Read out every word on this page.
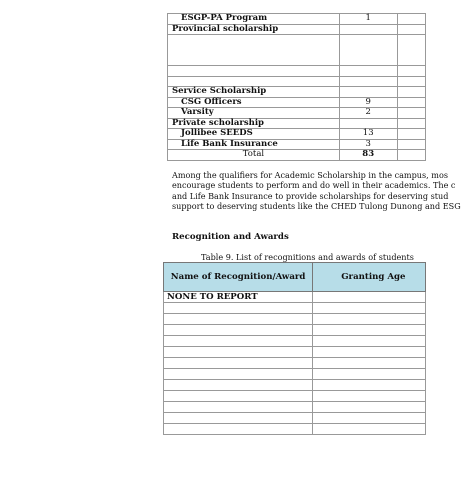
ESGP-PA Program	1	
Provincial scholarship		

Service Scholarship		
CSG Officers	9	
Varsity	2	
Private scholarship		
Jollibee SEEDS	13	
Life Bank Insurance	3	
Total	83	
Among the qualifiers for Academic Scholarship in the campus, mos
encourage students to perform and do well in their academics. The c
and Life Bank Insurance to provide scholarships for deserving stud
support to deserving students like the CHED Tulong Dunong and ESG
Recognition and Awards
Table 9. List of recognitions and awards of students
Name of Recognition/Award	Granting Age
NONE TO REPORT	
